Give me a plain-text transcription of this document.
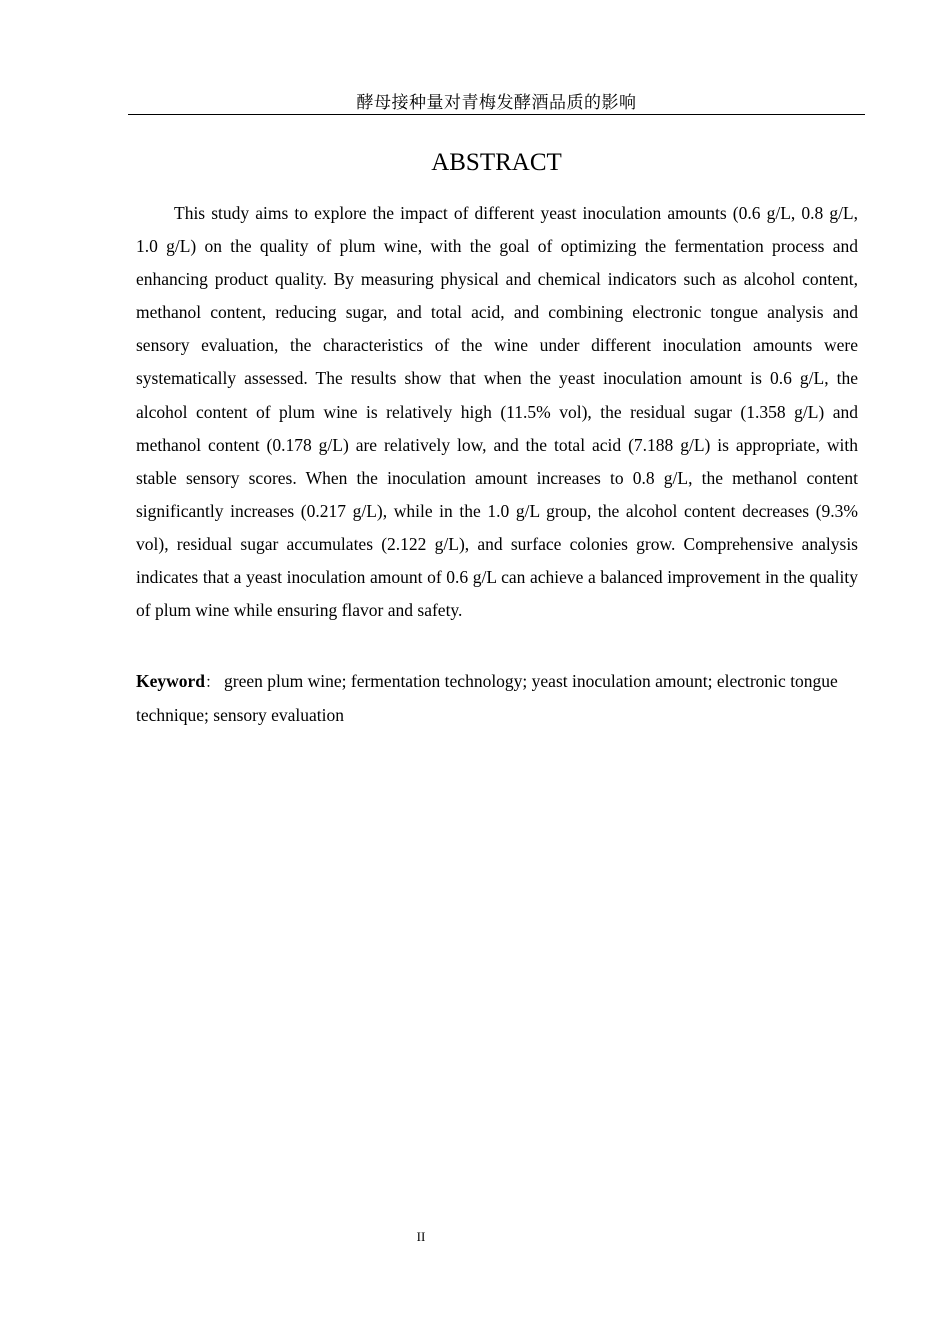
酵母接种量对青梅发酵酒品质的影响
ABSTRACT

This study aims to explore the impact of different yeast inoculation amounts (0.6 g/L, 0.8 g/L, 1.0 g/L) on the quality of plum wine, with the goal of optimizing the fermentation process and enhancing product quality. By measuring physical and chemical indicators such as alcohol content, methanol content, reducing sugar, and total acid, and combining electronic tongue analysis and sensory evaluation, the characteristics of the wine under different inoculation amounts were systematically assessed. The results show that when the yeast inoculation amount is 0.6 g/L, the alcohol content of plum wine is relatively high (11.5% vol), the residual sugar (1.358 g/L) and methanol content (0.178 g/L) are relatively low, and the total acid (7.188 g/L) is appropriate, with stable sensory scores. When the inoculation amount increases to 0.8 g/L, the methanol content significantly increases (0.217 g/L), while in the 1.0 g/L group, the alcohol content decreases (9.3% vol), residual sugar accumulates (2.122 g/L), and surface colonies grow. Comprehensive analysis indicates that a yeast inoculation amount of 0.6 g/L can achieve a balanced improvement in the quality of plum wine while ensuring flavor and safety.

Keyword： green plum wine; fermentation technology; yeast inoculation amount; electronic tongue technique; sensory evaluation

II
